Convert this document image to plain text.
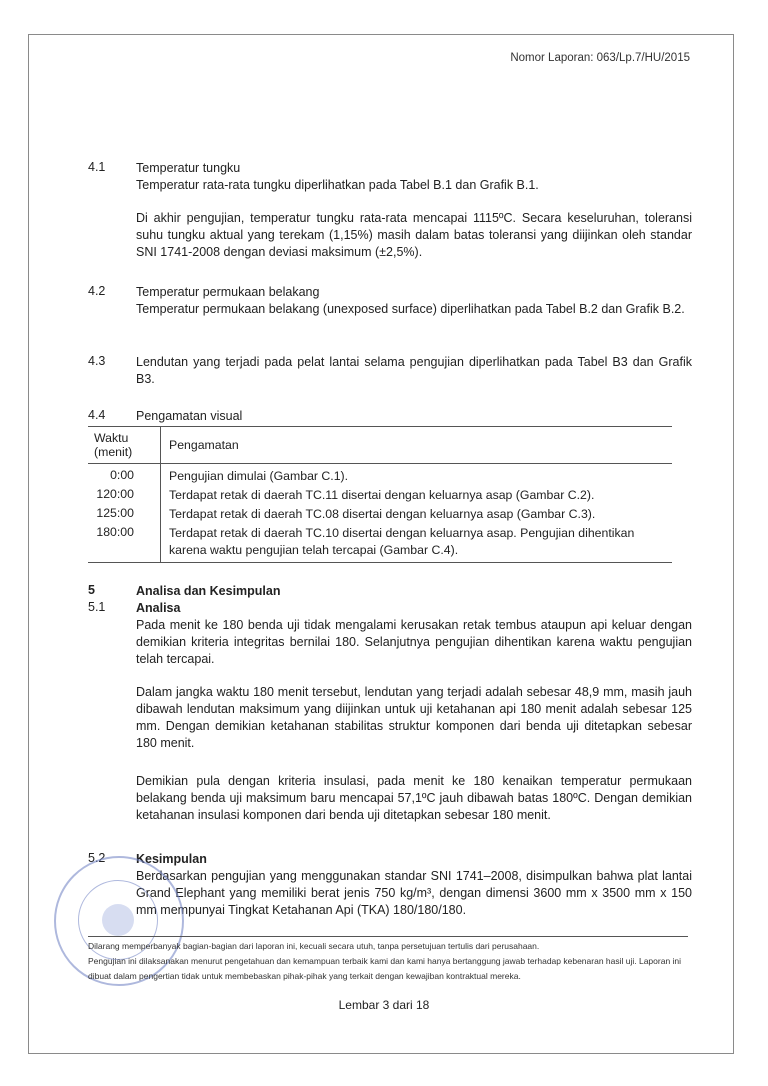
Nomor Laporan: 063/Lp.7/HU/2015
4.1 Temperatur tungku
Temperatur rata-rata tungku diperlihatkan pada Tabel B.1 dan Grafik B.1.
Di akhir pengujian, temperatur tungku rata-rata mencapai 1115ºC. Secara keseluruhan, toleransi suhu tungku aktual yang terekam (1,15%) masih dalam batas toleransi yang diijinkan oleh standar SNI 1741-2008 dengan deviasi maksimum (±2,5%).
4.2 Temperatur permukaan belakang
Temperatur permukaan belakang (unexposed surface) diperlihatkan pada Tabel B.2 dan Grafik B.2.
4.3 Lendutan yang terjadi pada pelat lantai selama pengujian diperlihatkan pada Tabel B3 dan Grafik B3.
4.4 Pengamatan visual
Waktu (menit)	Pengamatan
0:00	Pengujian dimulai (Gambar C.1).
120:00	Terdapat retak di daerah TC.11 disertai dengan keluarnya asap (Gambar C.2).
125:00	Terdapat retak di daerah TC.08 disertai dengan keluarnya asap (Gambar C.3).
180:00	Terdapat retak di daerah TC.10 disertai dengan keluarnya asap. Pengujian dihentikan karena waktu pengujian telah tercapai (Gambar C.4).
5	Analisa dan Kesimpulan
5.1 Analisa
Pada menit ke 180 benda uji tidak mengalami kerusakan retak tembus ataupun api keluar dengan demikian kriteria integritas bernilai 180. Selanjutnya pengujian dihentikan karena waktu pengujian telah tercapai.
Dalam jangka waktu 180 menit tersebut, lendutan yang terjadi adalah sebesar 48,9 mm, masih jauh dibawah lendutan maksimum yang diijinkan untuk uji ketahanan api 180 menit adalah sebesar 125 mm. Dengan demikian ketahanan stabilitas struktur komponen dari benda uji ditetapkan sebesar 180 menit.
Demikian pula dengan kriteria insulasi, pada menit ke 180 kenaikan temperatur permukaan belakang benda uji maksimum baru mencapai 57,1ºC jauh dibawah batas 180ºC. Dengan demikian ketahanan insulasi komponen dari benda uji ditetapkan sebesar 180 menit.
5.2 Kesimpulan
Berdasarkan pengujian yang menggunakan standar SNI 1741–2008, disimpulkan bahwa plat lantai Grand Elephant yang memiliki berat jenis 750 kg/m³, dengan dimensi 3600 mm x 3500 mm x 150 mm mempunyai Tingkat Ketahanan Api (TKA) 180/180/180.
Dilarang memperbanyak bagian-bagian dari laporan ini, kecuali secara utuh, tanpa persetujuan tertulis dari perusahaan.
Pengujian ini dilaksanakan menurut pengetahuan dan kemampuan terbaik kami dan kami hanya bertanggung jawab terhadap kebenaran hasil uji. Laporan ini dibuat dalam pengertian tidak untuk membebaskan pihak-pihak yang terkait dengan kewajiban kontraktual mereka.
Lembar 3 dari 18
